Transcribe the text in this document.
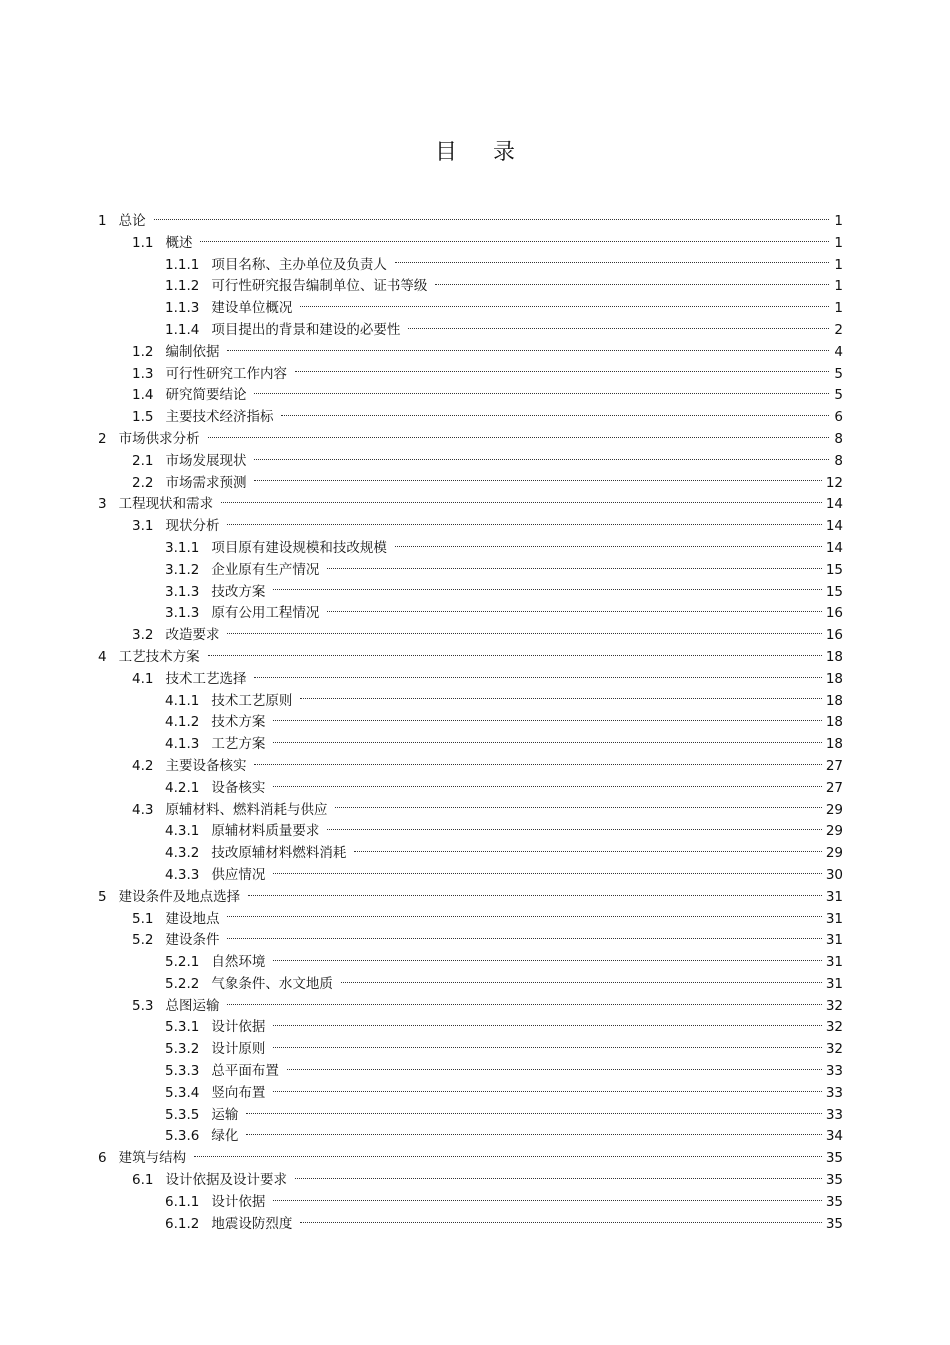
目 录
1 总论	1
1.1 概述	1
1.1.1 项目名称、主办单位及负责人	1
1.1.2 可行性研究报告编制单位、证书等级	1
1.1.3 建设单位概况	1
1.1.4 项目提出的背景和建设的必要性	2
1.2 编制依据	4
1.3 可行性研究工作内容	5
1.4 研究简要结论	5
1.5 主要技术经济指标	6
2 市场供求分析	8
2.1 市场发展现状	8
2.2 市场需求预测	12
3 工程现状和需求	14
3.1 现状分析	14
3.1.1 项目原有建设规模和技改规模	14
3.1.2 企业原有生产情况	15
3.1.3 技改方案	15
3.1.3 原有公用工程情况	16
3.2 改造要求	16
4 工艺技术方案	18
4.1 技术工艺选择	18
4.1.1 技术工艺原则	18
4.1.2 技术方案	18
4.1.3 工艺方案	18
4.2 主要设备核实	27
4.2.1 设备核实	27
4.3 原辅材料、燃料消耗与供应	29
4.3.1 原辅材料质量要求	29
4.3.2 技改原辅材料燃料消耗	29
4.3.3 供应情况	30
5 建设条件及地点选择	31
5.1 建设地点	31
5.2 建设条件	31
5.2.1 自然环境	31
5.2.2 气象条件、水文地质	31
5.3 总图运输	32
5.3.1 设计依据	32
5.3.2 设计原则	32
5.3.3 总平面布置	33
5.3.4 竖向布置	33
5.3.5 运输	33
5.3.6 绿化	34
6 建筑与结构	35
6.1 设计依据及设计要求	35
6.1.1 设计依据	35
6.1.2 地震设防烈度	35
